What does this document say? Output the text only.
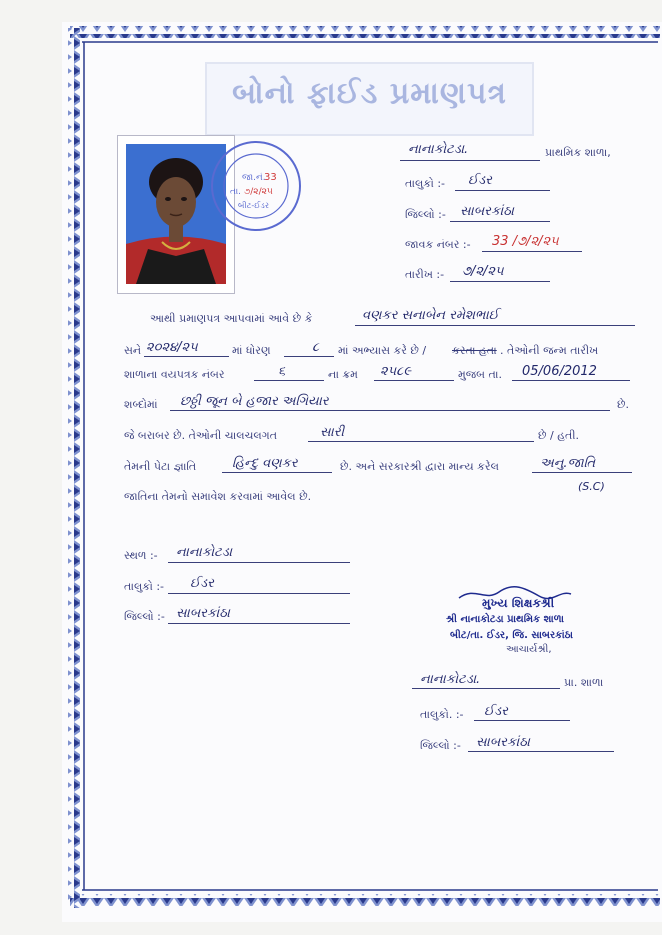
બોનો ફાઈડ પ્રમાણપત્ર
જા.નં.
33
તા. ૭/૨/૨૫
બીટ-ઈડર
નાનાકોટડા.	પ્રાથમિક શાળા,
તાલુકો :- ઈડર
જિલ્લો :- સાબરકાંઠા
જાવક નંબર :- 33 /૭/૨/૨૫
તારીખ :- ૭/૨/૨૫
આથી પ્રમાણપત્ર આપવામાં આવે છે કે	વણકર સનાબેન રમેશભાઈ
સને ૨૦૨૪/૨૫	માં ધોરણ	૮ માં અભ્યાસ કરે છે / કરતા હતા . તેઓની જન્મ તારીખ
શાળાના વયપત્રક નંબર	૬	ના ક્રમ ૨૫૮૯	મુજબ તા. 05/06/2012
શબ્દોમાં છઠ્ઠી જૂન બે હજાર અગિયાર	છે.
જે બરાબર છે. તેઓની ચાલચલગત	સારી	છે / હતી.
તેમની પેટા જ્ઞાતિ	હિન્દુ વણકર	છે. અને સરકારશ્રી દ્વારા માન્ય કરેલ	અનુ.જાતિ
(S.C)
જાતિના તેમનો સમાવેશ કરવામાં આવેલ છે.
સ્થળ :- નાનાકોટડા
તાલુકો :- ઈડર
જિલ્લો :- સાબરકાંઠા
મુખ્ય શિક્ષકશ્રી
શ્રી નાનાકોટડા પ્રાથમિક શાળા
બીટ/તા. ઈડર, જિ. સાબરકાંઠા
આચાર્યશ્રી,
નાનાકોટડા.	પ્રા. શાળા
તાલુકો. :- ઈડર
જિલ્લો :- સાબરકાંઠા
